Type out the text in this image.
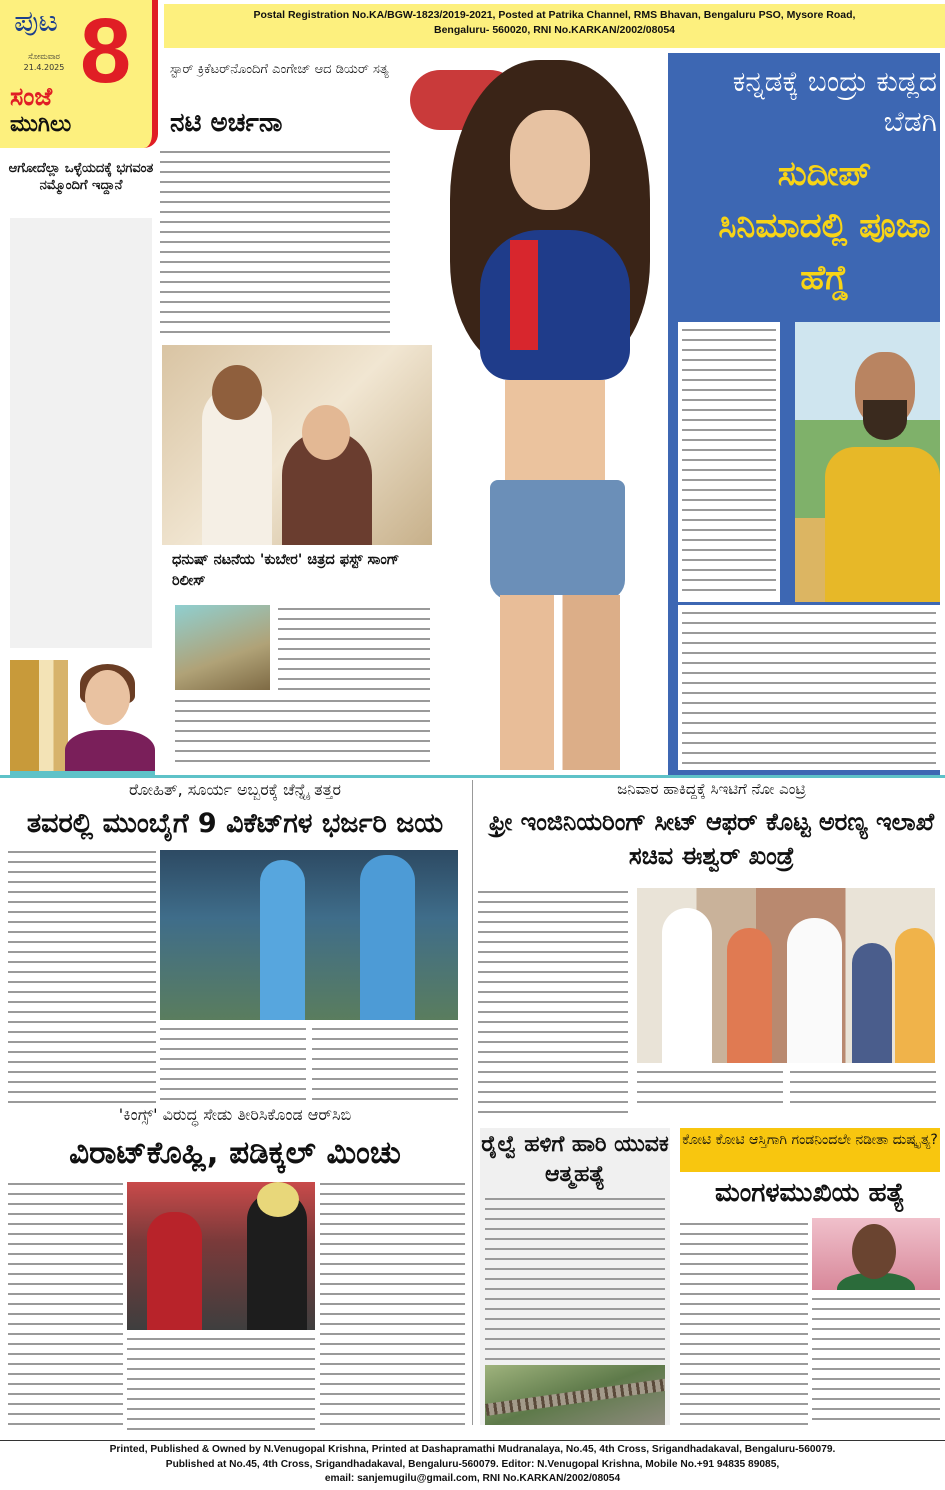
ಪುಟ 8
ಸೋಮವಾರ
21.4.2025
ಸಂಜೆ
ಮುಗಿಲು
Postal Registration No.KA/BGW-1823/2019-2021, Posted at Patrika Channel, RMS Bhavan, Bengaluru PSO, Mysore Road,
Bengaluru- 560020, RNI No.KARKAN/2002/08054
ಆಗೋದೆಲ್ಲಾ ಒಳ್ಳೆಯದಕ್ಕೆ ಭಗವಂತ ನಮ್ಮೊಂದಿಗೆ ಇದ್ದಾನೆ
ಸ್ಟಾರ್ ಕ್ರಿಕೆಟರ್‌ನೊಂದಿಗೆ ಎಂಗೇಜ್ ಆದ ಡಿಯರ್ ಸತ್ಯ
ನಟಿ ಅರ್ಚನಾ
ಧನುಷ್ ನಟನೆಯ 'ಕುಬೇರ' ಚಿತ್ರದ ಫಸ್ಟ್ ಸಾಂಗ್ ರಿಲೀಸ್
ಕನ್ನಡಕ್ಕೆ ಬಂದ್ರು ಕುಡ್ಲದ ಬೆಡಗಿ
ಸುದೀಪ್ ಸಿನಿಮಾದಲ್ಲಿ ಪೂಜಾ ಹೆಗ್ಡೆ
ರೋಹಿತ್, ಸೂರ್ಯ ಅಬ್ಬರಕ್ಕೆ ಚೆನ್ನೈ ತತ್ತರ
ತವರಲ್ಲಿ ಮುಂಬೈಗೆ 9 ವಿಕೆಟ್‌ಗಳ ಭರ್ಜರಿ ಜಯ
ಜನಿವಾರ ಹಾಕಿದ್ದಕ್ಕೆ ಸಿಇಟಿಗೆ ನೋ ಎಂಟ್ರಿ
ಫ್ರೀ ಇಂಜಿನಿಯರಿಂಗ್ ಸೀಟ್ ಆಫರ್ ಕೊಟ್ಟ ಅರಣ್ಯ ಇಲಾಖೆ ಸಚಿವ ಈಶ್ವರ್ ಖಂಡ್ರೆ
'ಕಿಂಗ್ಸ್' ವಿರುದ್ಧ ಸೇಡು ತೀರಿಸಿಕೊಂಡ ಆರ್‌ಸಿಬಿ
ವಿರಾಟ್‌ಕೊಹ್ಲಿ, ಪಡಿಕ್ಕಲ್ ಮಿಂಚು	ರೈಲ್ವೆ ಹಳಿಗೆ ಹಾರಿ ಯುವಕ ಆತ್ಮಹತ್ಯೆ
ಕೋಟಿ ಕೋಟಿ ಆಸ್ತಿಗಾಗಿ ಗಂಡನಿಂದಲೇ ನಡೀತಾ ದುಷ್ಕೃತ್ಯ?
ಮಂಗಳಮುಖಿಯ ಹತ್ಯೆ
Printed, Published & Owned by N.Venugopal Krishna, Printed at Dashapramathi Mudranalaya, No.45, 4th Cross, Srigandhadakaval, Bengaluru-560079.
Published at No.45, 4th Cross, Srigandhadakaval, Bengaluru-560079. Editor: N.Venugopal Krishna, Mobile No.+91 94835 89085,
email: sanjemugilu@gmail.com, RNI No.KARKAN/2002/08054
